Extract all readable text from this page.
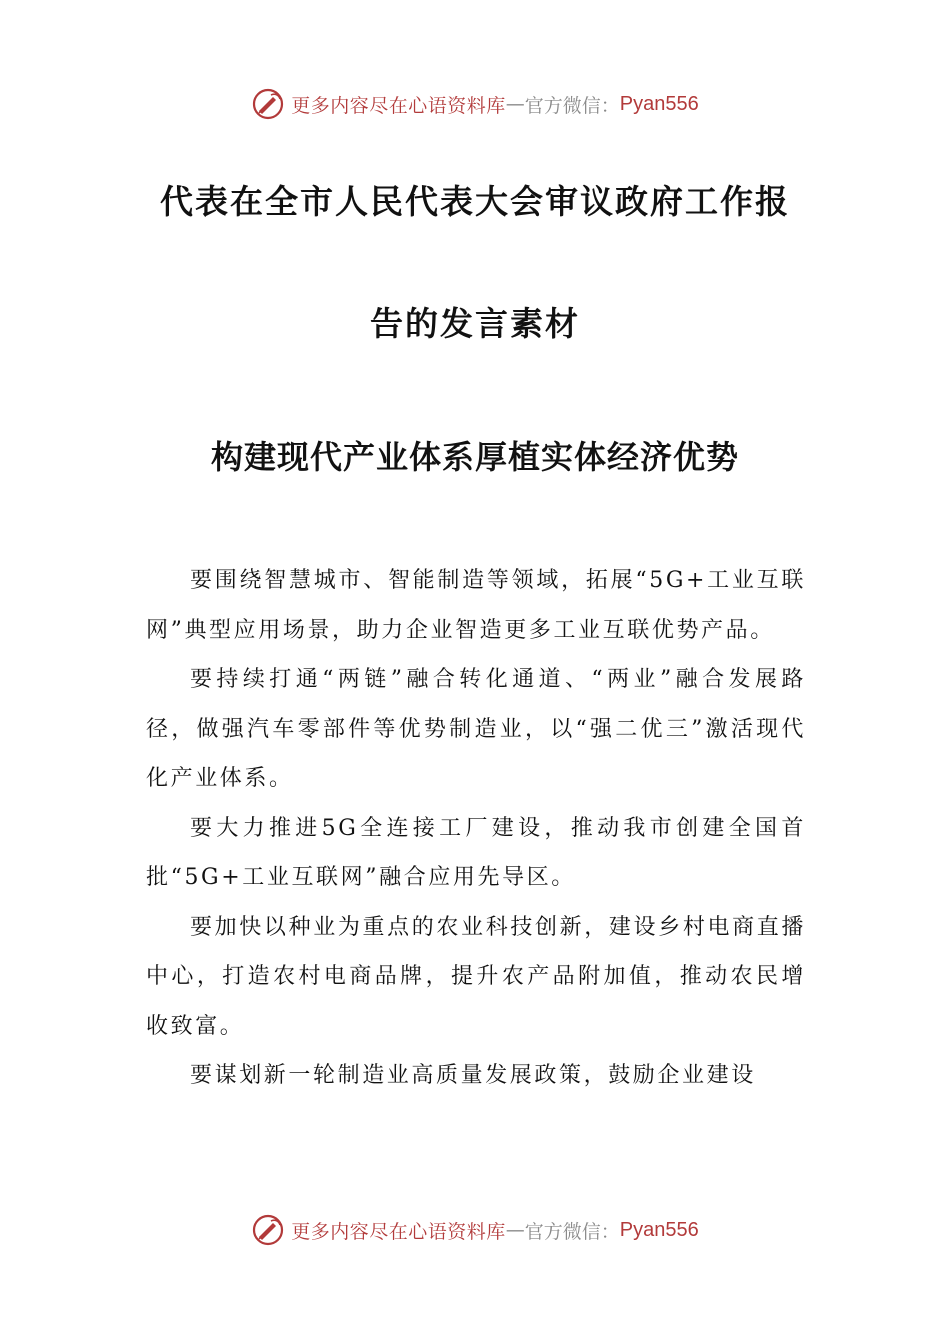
更多内容尽在心语资料库 — 官方微信： Pyan556
代表在全市人民代表大会审议政府工作报
告的发言素材
构建现代产业体系厚植实体经济优势

要围绕智慧城市、智能制造等领域，拓展“5G+工业互联网”典型应用场景，助力企业智造更多工业互联优势产品。

要持续打通“两链”融合转化通道、“两业”融合发展路径，做强汽车零部件等优势制造业，以“强二优三”激活现代化产业体系。

要大力推进5G全连接工厂建设，推动我市创建全国首批“5G+工业互联网”融合应用先导区。

要加快以种业为重点的农业科技创新，建设乡村电商直播中心，打造农村电商品牌，提升农产品附加值，推动农民增收致富。

要谋划新一轮制造业高质量发展政策，鼓励企业建设

更多内容尽在心语资料库 — 官方微信： Pyan556
